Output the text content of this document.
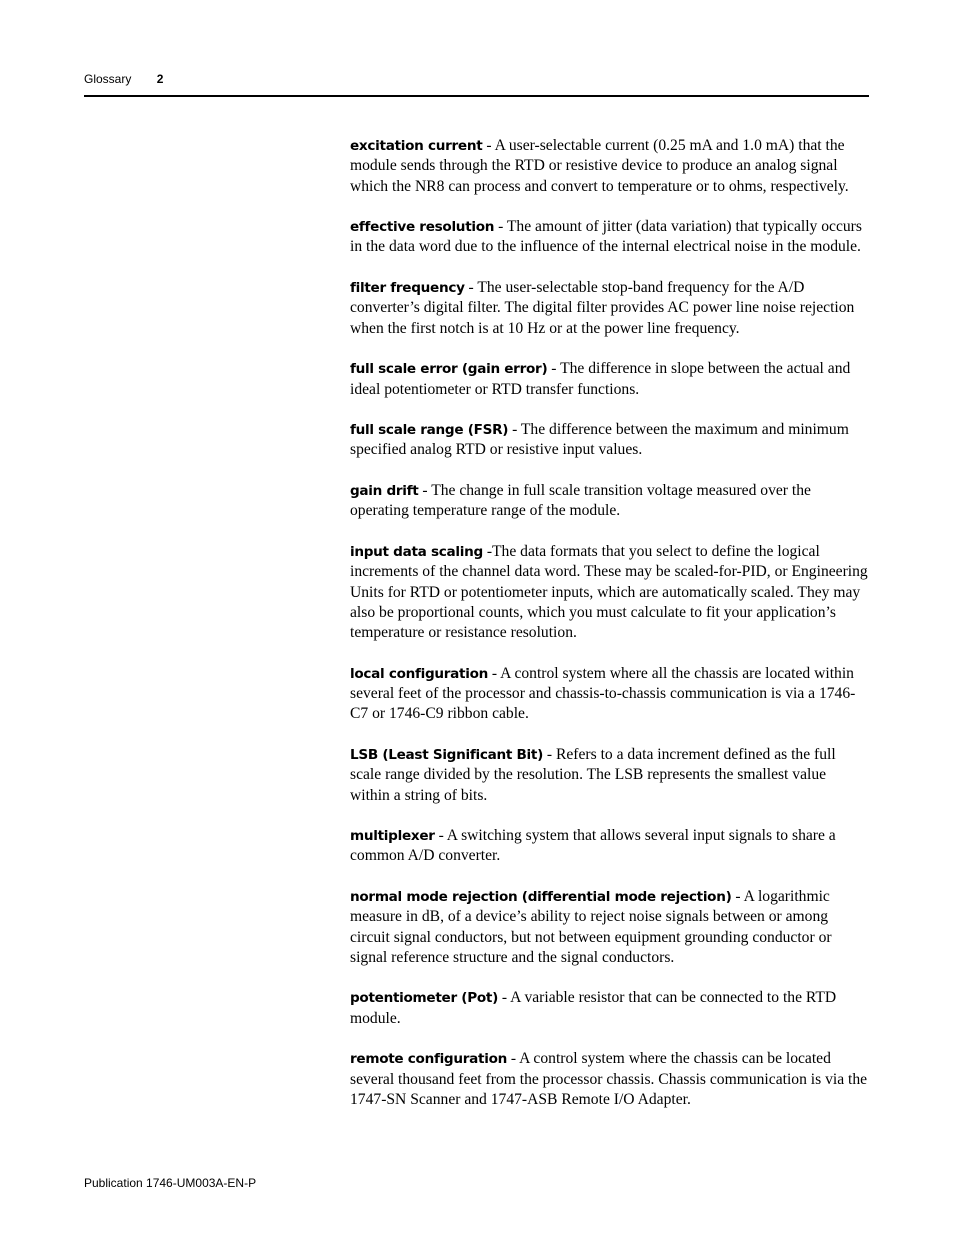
Glossary 2

excitation current - A user-selectable current (0.25 mA and 1.0 mA) that the module sends through the RTD or resistive device to produce an analog signal which the NR8 can process and convert to temperature or to ohms, respectively.

effective resolution - The amount of jitter (data variation) that typically occurs in the data word due to the influence of the internal electrical noise in the module.

filter frequency - The user-selectable stop-band frequency for the A/D converter’s digital filter. The digital filter provides AC power line noise rejection when the first notch is at 10 Hz or at the power line frequency.

full scale error (gain error) - The difference in slope between the actual and ideal potentiometer or RTD transfer functions.

full scale range (FSR) - The difference between the maximum and minimum specified analog RTD or resistive input values.

gain drift - The change in full scale transition voltage measured over the operating temperature range of the module.

input data scaling -The data formats that you select to define the logical increments of the channel data word. These may be scaled-for-PID, or Engineering Units for RTD or potentiometer inputs, which are automatically scaled. They may also be proportional counts, which you must calculate to fit your application’s temperature or resistance resolution.

local configuration - A control system where all the chassis are located within several feet of the processor and chassis-to-chassis communication is via a 1746-C7 or 1746-C9 ribbon cable.

LSB (Least Significant Bit) - Refers to a data increment defined as the full scale range divided by the resolution. The LSB represents the smallest value within a string of bits.

multiplexer - A switching system that allows several input signals to share a common A/D converter.

normal mode rejection (differential mode rejection) - A logarithmic measure in dB, of a device’s ability to reject noise signals between or among circuit signal conductors, but not between equipment grounding conductor or signal reference structure and the signal conductors.

potentiometer (Pot) - A variable resistor that can be connected to the RTD module.

remote configuration - A control system where the chassis can be located several thousand feet from the processor chassis. Chassis communication is via the 1747-SN Scanner and 1747-ASB Remote I/O Adapter.

Publication 1746-UM003A-EN-P
